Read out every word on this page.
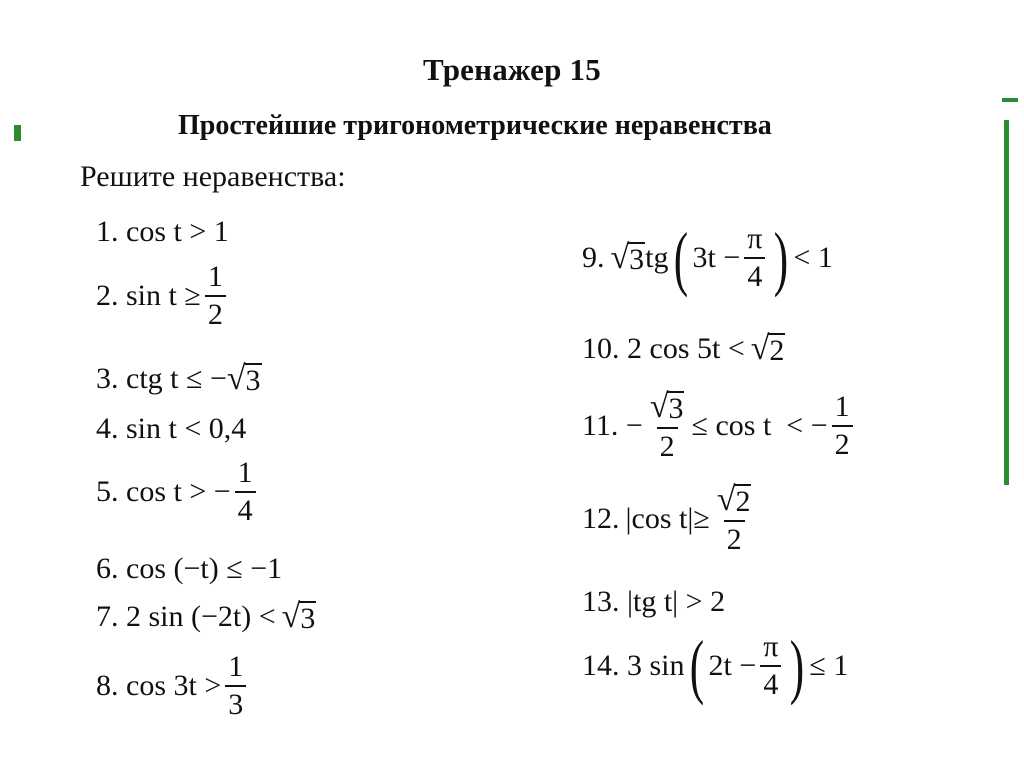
Тренажер 15
Простейшие тригонометрические неравенства
Решите неравенства:
1. cos t > 1
2. $\sin t \ge \frac{1}{2}$
3. ctg t ≤ − √ 3
4. sin t < 0,4
5. cos t > − $\frac{1}{4}$
6. cos (−t) ≤ −1
7. 2 sin (−2t) < √ 3
8. $\cos 3t > \frac{1}{3}$
9. √ 3 tg ( $3t - \frac{\pi}{4}$ ) < 1
10. 2 cos 5t < √ 2
11. − $\frac{√ 3}{2} \le \cos t$  < − $\frac{1}{2}$
12. |cos $t| \ge \frac{√ 2}{2}$
13. |tg t| > 2
14. 3 sin ( $2t - \frac{\pi}{4}$ ) ≤ 1
